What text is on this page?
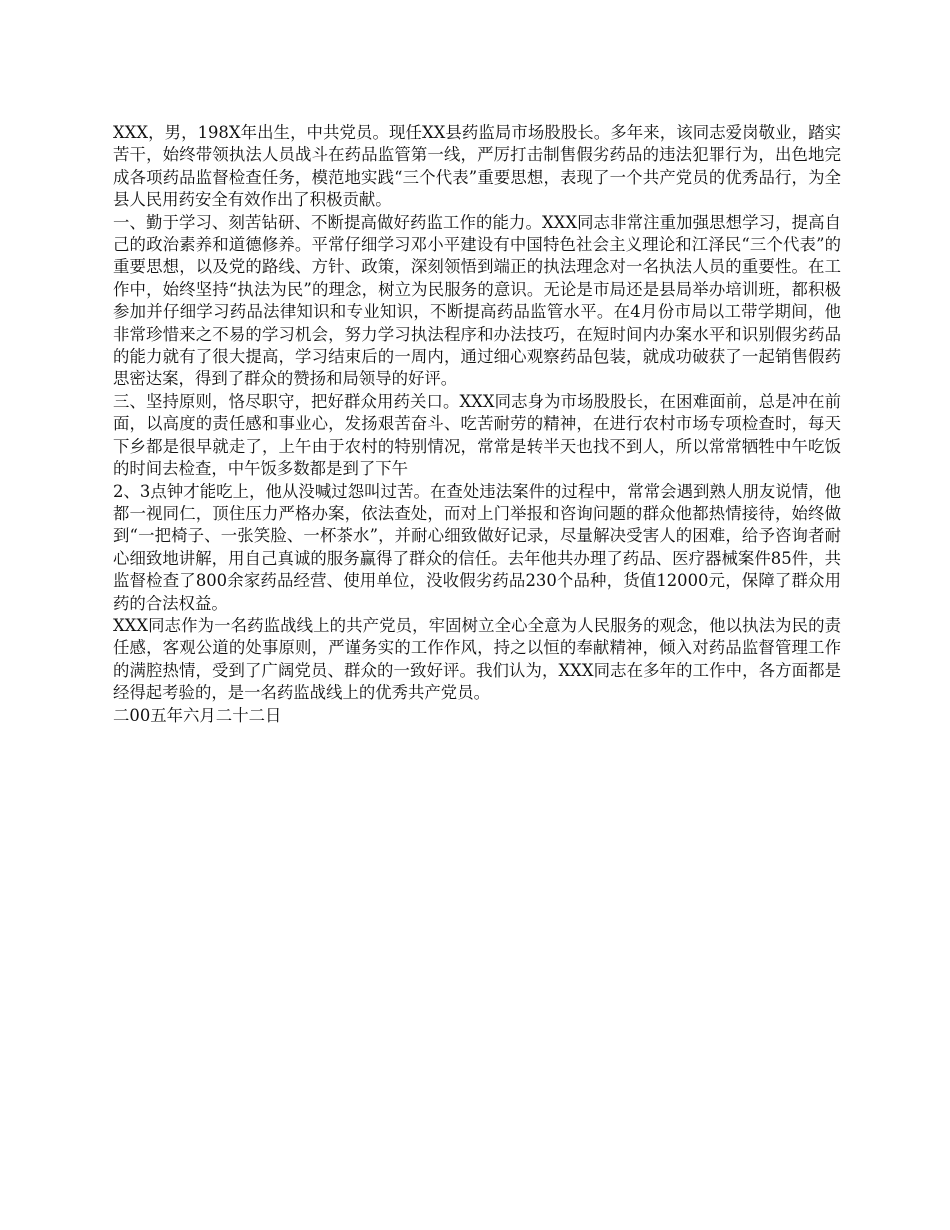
XXX，男，198X年出生，中共党员。现任XX县药监局市场股股长。多年来，该同志爱岗敬业，踏实苦干，始终带领执法人员战斗在药品监管第一线，严厉打击制售假劣药品的违法犯罪行为，出色地完成各项药品监督检查任务，模范地实践“三个代表”重要思想，表现了一个共产党员的优秀品行，为全县人民用药安全有效作出了积极贡献。

一、勤于学习、刻苦钻研、不断提高做好药监工作的能力。XXX同志非常注重加强思想学习，提高自己的政治素养和道德修养。平常仔细学习邓小平建设有中国特色社会主义理论和江泽民“三个代表”的重要思想，以及党的路线、方针、政策，深刻领悟到端正的执法理念对一名执法人员的重要性。在工作中，始终坚持“执法为民”的理念，树立为民服务的意识。无论是市局还是县局举办培训班，都积极参加并仔细学习药品法律知识和专业知识，不断提高药品监管水平。在4月份市局以工带学期间，他非常珍惜来之不易的学习机会，努力学习执法程序和办法技巧，在短时间内办案水平和识别假劣药品的能力就有了很大提高，学习结束后的一周内，通过细心观察药品包装，就成功破获了一起销售假药思密达案，得到了群众的赞扬和局领导的好评。

三、坚持原则，恪尽职守，把好群众用药关口。XXX同志身为市场股股长，在困难面前，总是冲在前面，以高度的责任感和事业心，发扬艰苦奋斗、吃苦耐劳的精神，在进行农村市场专项检查时，每天下乡都是很早就走了，上午由于农村的特别情况，常常是转半天也找不到人，所以常常牺牲中午吃饭的时间去检查，中午饭多数都是到了下午

2、3点钟才能吃上，他从没喊过怨叫过苦。在查处违法案件的过程中，常常会遇到熟人朋友说情，他都一视同仁，顶住压力严格办案，依法查处，而对上门举报和咨询问题的群众他都热情接待，始终做到“一把椅子、一张笑脸、一杯茶水”，并耐心细致做好记录，尽量解决受害人的困难，给予咨询者耐心细致地讲解，用自己真诚的服务赢得了群众的信任。去年他共办理了药品、医疗器械案件85件，共监督检查了800余家药品经营、使用单位，没收假劣药品230个品种，货值12000元，保障了群众用药的合法权益。

XXX同志作为一名药监战线上的共产党员，牢固树立全心全意为人民服务的观念，他以执法为民的责任感，客观公道的处事原则，严谨务实的工作作风，持之以恒的奉献精神，倾入对药品监督管理工作的满腔热情，受到了广阔党员、群众的一致好评。我们认为，XXX同志在多年的工作中，各方面都是经得起考验的，是一名药监战线上的优秀共产党员。

二00五年六月二十二日
